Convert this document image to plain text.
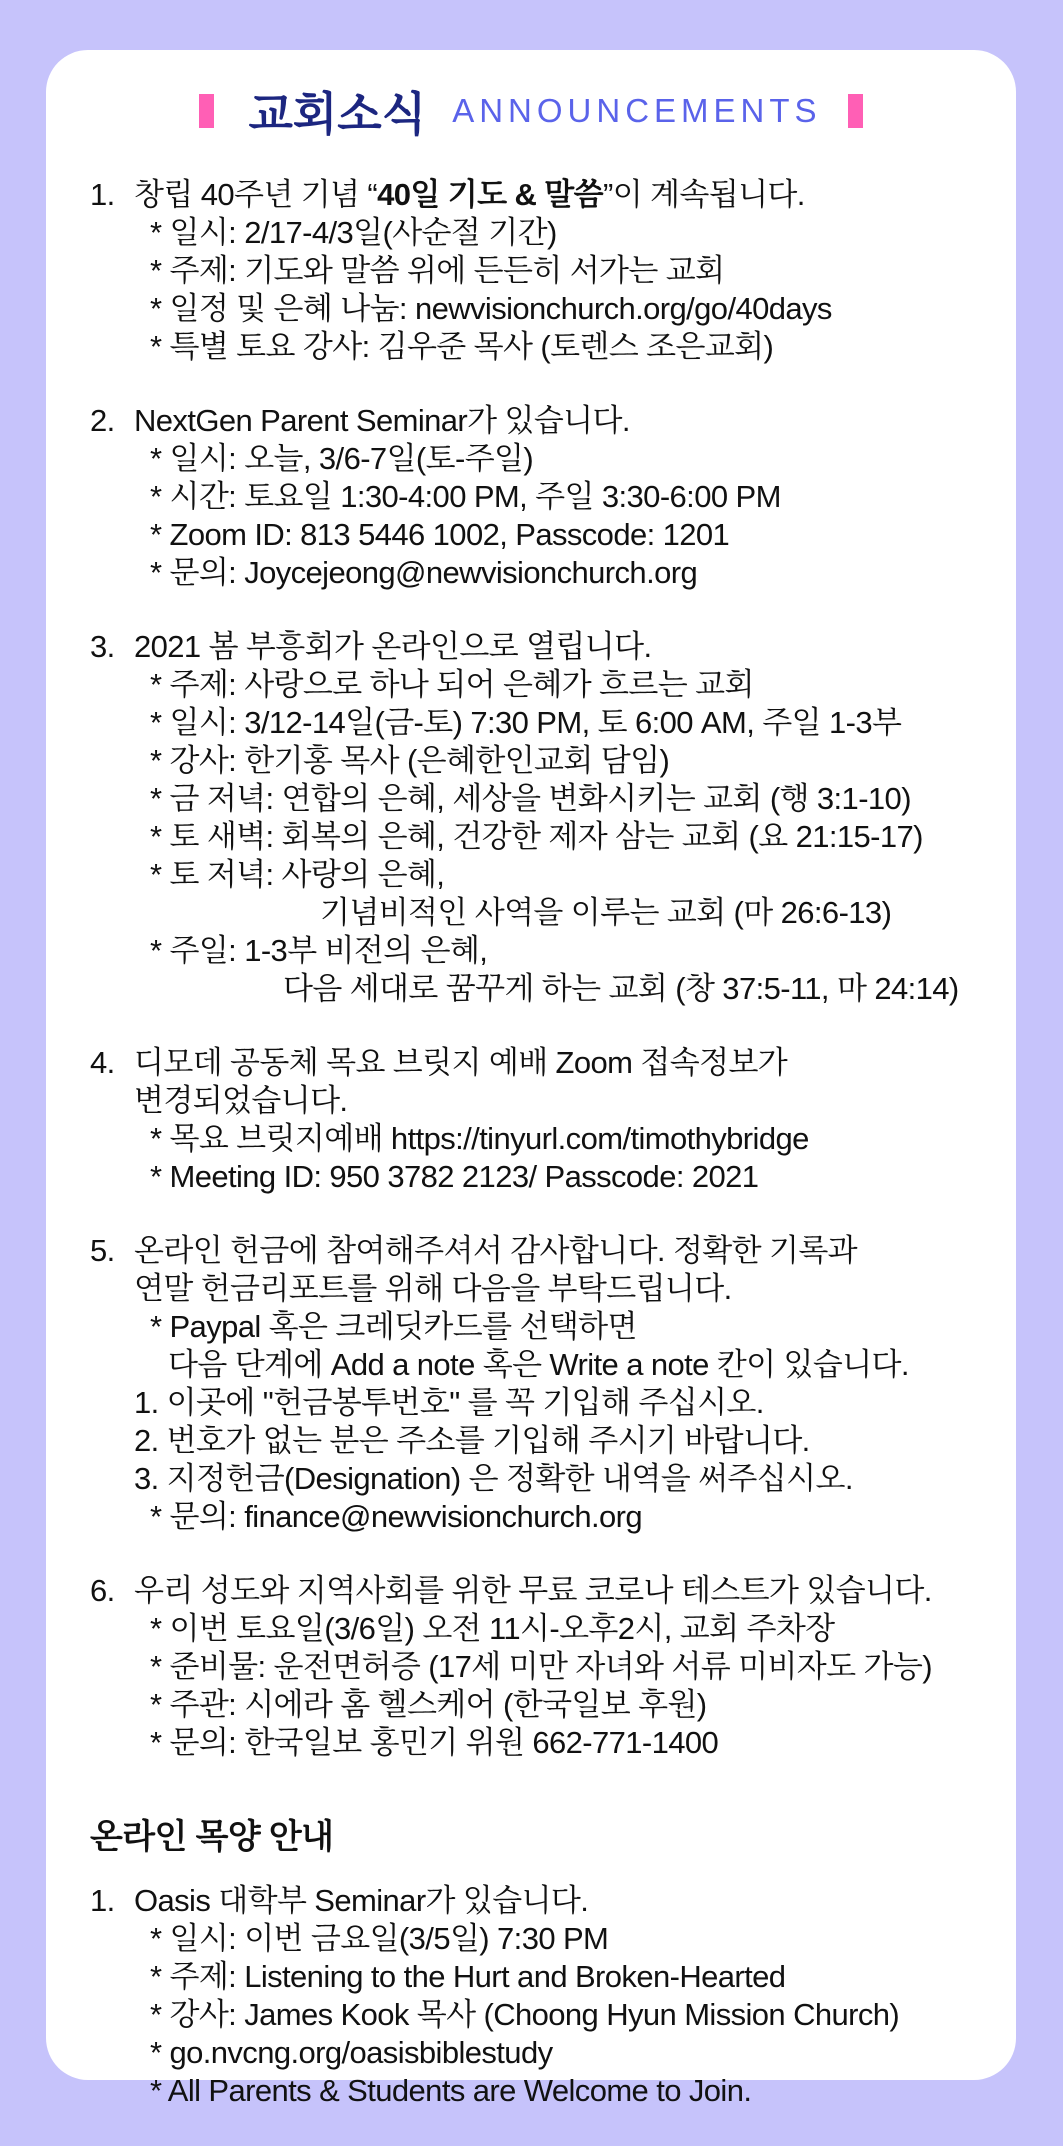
교회소식 ANNOUNCEMENTS
1. 창립 40주년 기념 “40일 기도 & 말씀”이 계속됩니다.
* 일시: 2/17-4/3일(사순절 기간)
* 주제: 기도와 말씀 위에 든든히 서가는 교회
* 일정 및 은혜 나눔: newvisionchurch.org/go/40days
* 특별 토요 강사: 김우준 목사 (토렌스 조은교회)
2. NextGen Parent Seminar가 있습니다.
* 일시: 오늘, 3/6-7일(토-주일)
* 시간: 토요일 1:30-4:00 PM, 주일 3:30-6:00 PM
* Zoom ID: 813 5446 1002, Passcode: 1201
* 문의: Joycejeong@newvisionchurch.org
3. 2021 봄 부흥회가 온라인으로 열립니다.
* 주제: 사랑으로 하나 되어 은혜가 흐르는 교회
* 일시: 3/12-14일(금-토) 7:30 PM, 토 6:00 AM, 주일 1-3부
* 강사: 한기홍 목사 (은혜한인교회 담임)
* 금 저녁: 연합의 은혜, 세상을 변화시키는 교회 (행 3:1-10)
* 토 새벽: 회복의 은혜, 건강한 제자 삼는 교회 (요 21:15-17)
* 토 저녁: 사랑의 은혜,
기념비적인 사역을 이루는 교회 (마 26:6-13)
* 주일: 1-3부 비전의 은혜,
다음 세대로 꿈꾸게 하는 교회 (창 37:5-11, 마 24:14)
4. 디모데 공동체 목요 브릿지 예배 Zoom 접속정보가
변경되었습니다.
* 목요 브릿지예배 https://tinyurl.com/timothybridge
* Meeting ID: 950 3782 2123/ Passcode: 2021
5. 온라인 헌금에 참여해주셔서 감사합니다. 정확한 기록과
연말 헌금리포트를 위해 다음을 부탁드립니다.
* Paypal 혹은 크레딧카드를 선택하면
다음 단계에 Add a note 혹은 Write a note 칸이 있습니다.
1. 이곳에 "헌금봉투번호" 를 꼭 기입해 주십시오.
2. 번호가 없는 분은 주소를 기입해 주시기 바랍니다.
3. 지정헌금(Designation) 은 정확한 내역을 써주십시오.
* 문의: finance@newvisionchurch.org
6. 우리 성도와 지역사회를 위한 무료 코로나 테스트가 있습니다.
* 이번 토요일(3/6일) 오전 11시-오후2시, 교회 주차장
* 준비물: 운전면허증 (17세 미만 자녀와 서류 미비자도 가능)
* 주관: 시에라 홈 헬스케어 (한국일보 후원)
* 문의: 한국일보 홍민기 위원 662-771-1400
온라인 목양 안내
1. Oasis 대학부 Seminar가 있습니다.
* 일시: 이번 금요일(3/5일) 7:30 PM
* 주제: Listening to the Hurt and Broken-Hearted
* 강사: James Kook 목사 (Choong Hyun Mission Church)
* go.nvcng.org/oasisbiblestudy
* All Parents & Students are Welcome to Join.
